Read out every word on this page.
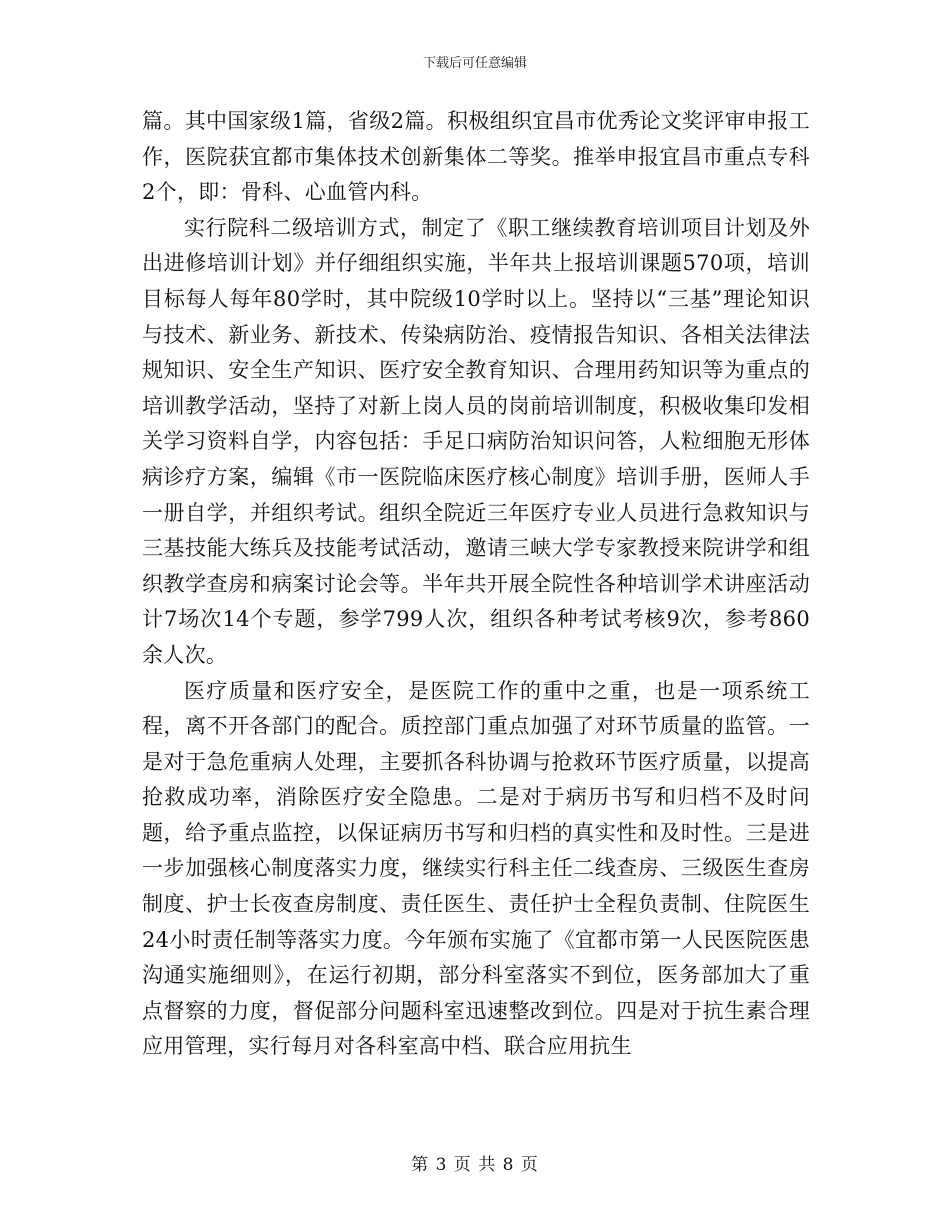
下载后可任意编辑

篇。其中国家级1篇，省级2篇。积极组织宜昌市优秀论文奖评审申报工作，医院获宜都市集体技术创新集体二等奖。推举申报宜昌市重点专科2个，即：骨科、心血管内科。

实行院科二级培训方式，制定了《职工继续教育培训项目计划及外出进修培训计划》并仔细组织实施，半年共上报培训课题570项，培训目标每人每年80学时，其中院级10学时以上。坚持以“三基”理论知识与技术、新业务、新技术、传染病防治、疫情报告知识、各相关法律法规知识、安全生产知识、医疗安全教育知识、合理用药知识等为重点的培训教学活动，坚持了对新上岗人员的岗前培训制度，积极收集印发相关学习资料自学，内容包括：手足口病防治知识问答，人粒细胞无形体病诊疗方案，编辑《市一医院临床医疗核心制度》培训手册，医师人手一册自学，并组织考试。组织全院近三年医疗专业人员进行急救知识与三基技能大练兵及技能考试活动，邀请三峡大学专家教授来院讲学和组织教学查房和病案讨论会等。半年共开展全院性各种培训学术讲座活动计7场次14个专题，参学799人次，组织各种考试考核9次，参考860余人次。

医疗质量和医疗安全，是医院工作的重中之重，也是一项系统工程，离不开各部门的配合。质控部门重点加强了对环节质量的监管。一是对于急危重病人处理，主要抓各科协调与抢救环节医疗质量，以提高抢救成功率，消除医疗安全隐患。二是对于病历书写和归档不及时问题，给予重点监控，以保证病历书写和归档的真实性和及时性。三是进一步加强核心制度落实力度，继续实行科主任二线查房、三级医生查房制度、护士长夜查房制度、责任医生、责任护士全程负责制、住院医生24小时责任制等落实力度。今年颁布实施了《宜都市第一人民医院医患沟通实施细则》，在运行初期，部分科室落实不到位，医务部加大了重点督察的力度，督促部分问题科室迅速整改到位。四是对于抗生素合理应用管理，实行每月对各科室高中档、联合应用抗生

第 3 页 共 8 页
